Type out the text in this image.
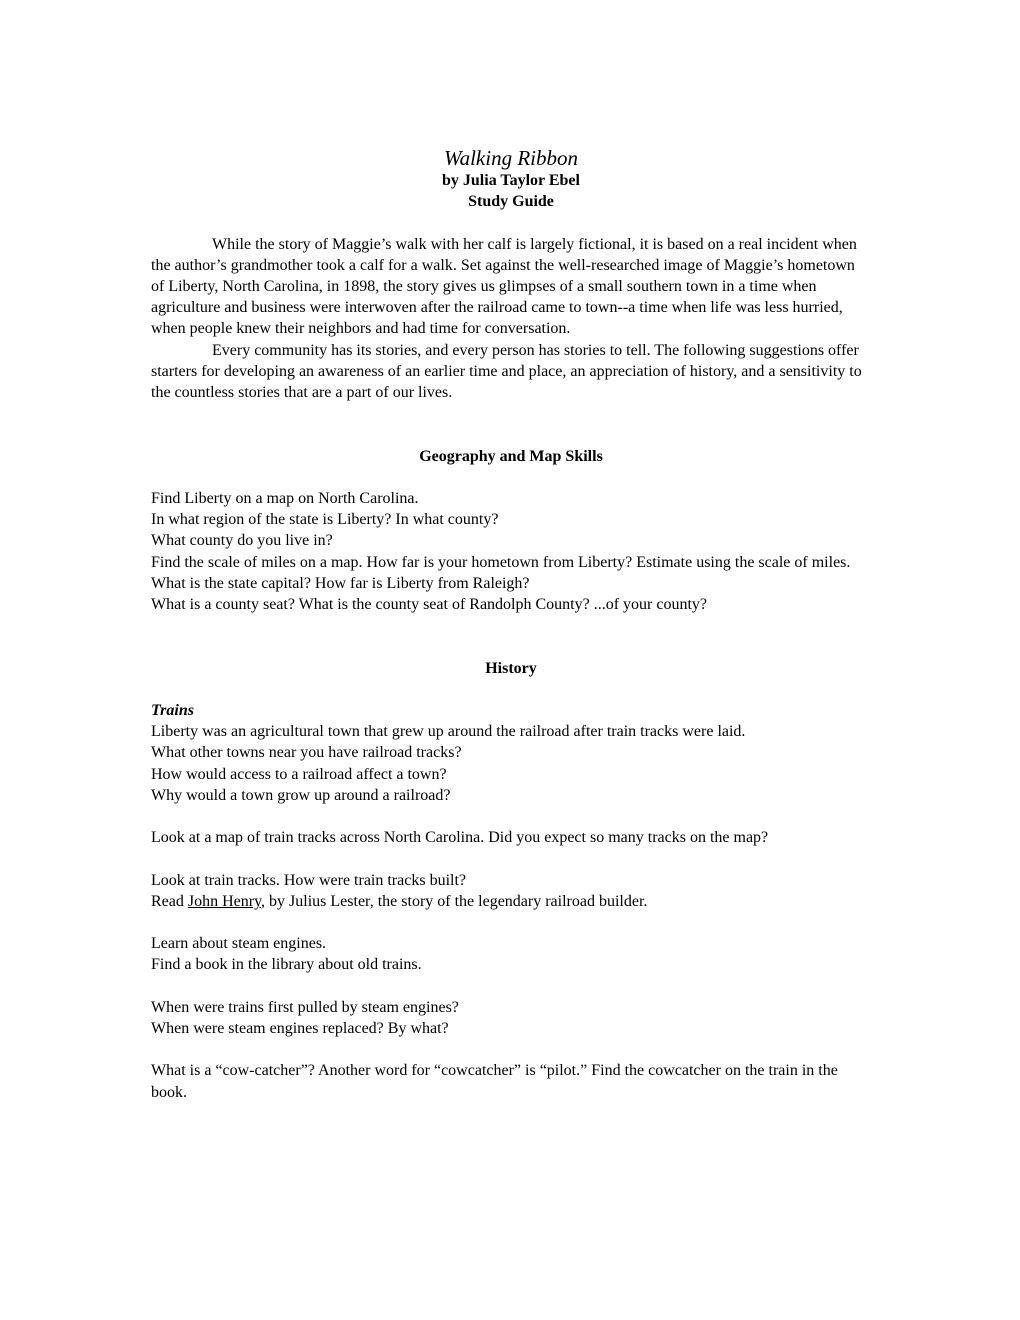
Walking Ribbon
by Julia Taylor Ebel
Study Guide

While the story of Maggie’s walk with her calf is largely fictional, it is based on a real incident when the author’s grandmother took a calf for a walk. Set against the well-researched image of Maggie’s hometown of Liberty, North Carolina, in 1898, the story gives us glimpses of a small southern town in a time when agriculture and business were interwoven after the railroad came to town--a time when life was less hurried, when people knew their neighbors and had time for conversation.

Every community has its stories, and every person has stories to tell. The following suggestions offer starters for developing an awareness of an earlier time and place, an appreciation of history, and a sensitivity to the countless stories that are a part of our lives.

Geography and Map Skills
Find Liberty on a map on North Carolina.
In what region of the state is Liberty? In what county?
What county do you live in?
Find the scale of miles on a map. How far is your hometown from Liberty? Estimate using the scale of miles.
What is the state capital? How far is Liberty from Raleigh?
What is a county seat? What is the county seat of Randolph County? ...of your county?
History
Trains
Liberty was an agricultural town that grew up around the railroad after train tracks were laid.
What other towns near you have railroad tracks?
How would access to a railroad affect a town?
Why would a town grow up around a railroad?
Look at a map of train tracks across North Carolina. Did you expect so many tracks on the map?
Look at train tracks. How were train tracks built?
Read John Henry, by Julius Lester, the story of the legendary railroad builder.
Learn about steam engines.
Find a book in the library about old trains.
When were trains first pulled by steam engines?
When were steam engines replaced? By what?
What is a “cow-catcher”? Another word for “cowcatcher” is “pilot.” Find the cowcatcher on the train in the book.
